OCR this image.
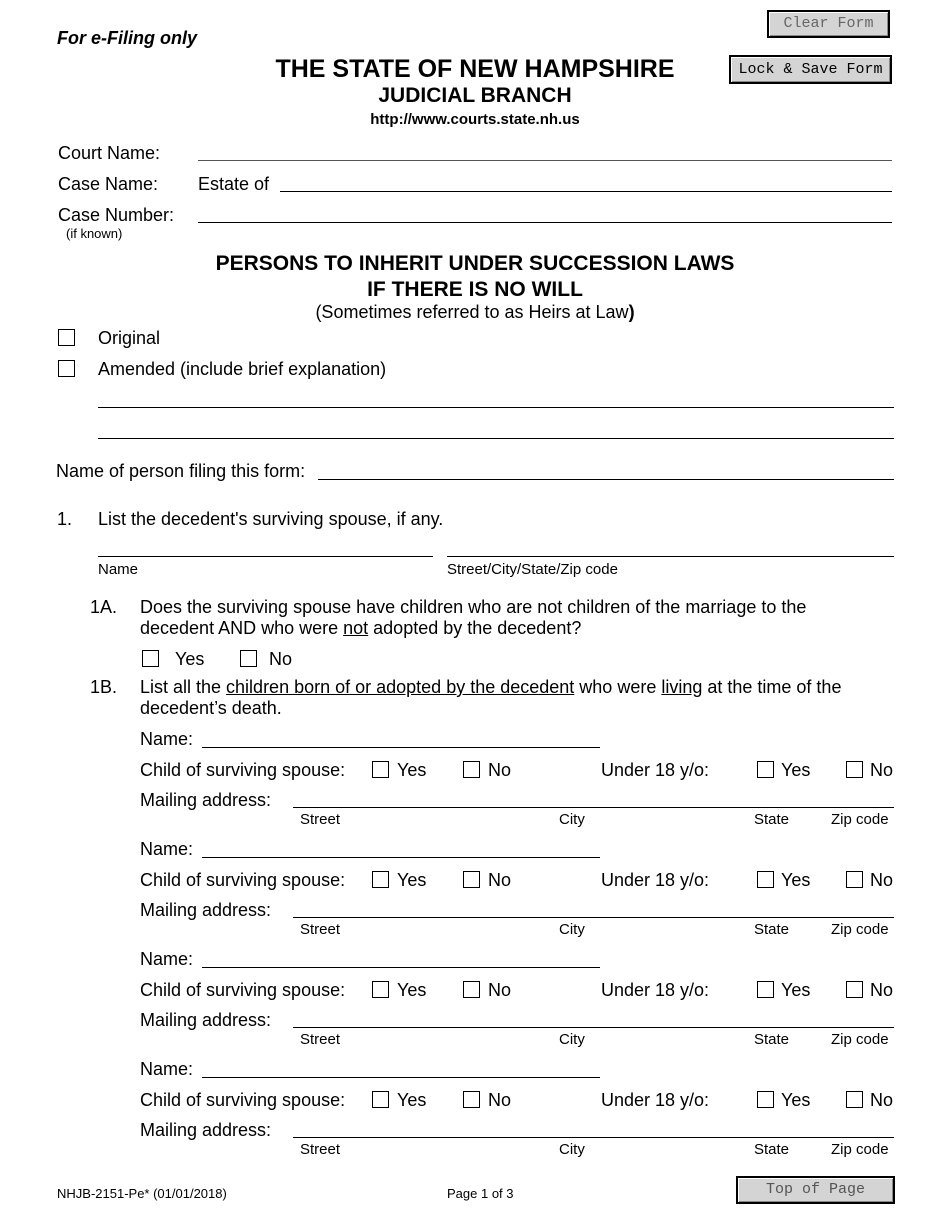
For e-Filing only
Clear Form
Lock & Save Form
THE STATE OF NEW HAMPSHIRE
JUDICIAL BRANCH
http://www.courts.state.nh.us
Court Name:
Case Name: Estate of
Case Number:
(if known)
PERSONS TO INHERIT UNDER SUCCESSION LAWS
IF THERE IS NO WILL
(Sometimes referred to as Heirs at Law)
Original
Amended (include brief explanation)
Name of person filing this form:
1. List the decedent's surviving spouse, if any.
Name	Street/City/State/Zip code
1A. Does the surviving spouse have children who are not children of the marriage to the
decedent AND who were not adopted by the decedent?
Yes	No
1B. List all the children born of or adopted by the decedent who were living at the time of the
decedent’s death.
Name:
Child of surviving spouse:	Yes	No	Under 18 y/o:	Yes	No
Mailing address:
Street	City	State	Zip code
Name:
Child of surviving spouse:	Yes	No	Under 18 y/o:	Yes	No
Mailing address:
Street	City	State	Zip code
Name:
Child of surviving spouse:	Yes	No	Under 18 y/o:	Yes	No
Mailing address:
Street	City	State	Zip code
Name:
Child of surviving spouse:	Yes	No	Under 18 y/o:	Yes	No
Mailing address:
Street	City	State	Zip code
NHJB-2151-Pe* (01/01/2018)	Page 1 of 3	Top of Page
